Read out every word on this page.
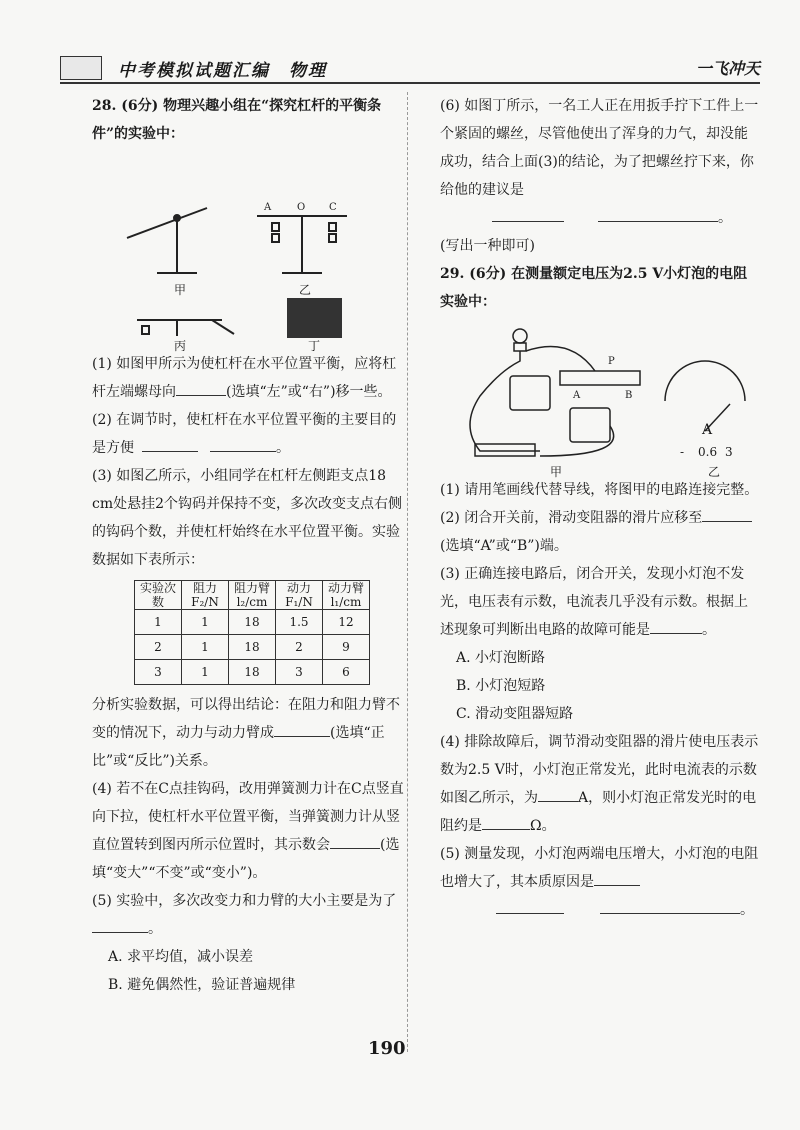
中考模拟试题汇编　物理	一飞冲天

28. (6分) 物理兴趣小组在“探究杠杆的平衡条件”的实验中：

A	O C
甲	乙
丙	丁

(1) 如图甲所示为使杠杆在水平位置平衡，应将杠杆左端螺母向	(选填“左”或“右”)移一些。

(2) 在调节时，使杠杆在水平位置平衡的主要目的是方便	。

(3) 如图乙所示，小组同学在杠杆左侧距支点18 cm处悬挂2个钩码并保持不变，多次改变支点右侧的钩码个数，并使杠杆始终在水平位置平衡。实验数据如下表所示：

实验次数	阻力 F₂/N	阻力臂 l₂/cm	动力 F₁/N	动力臂 l₁/cm
1	1	18	1.5	12
2	1	18	2	9
3	1	18	3	6

分析实验数据，可以得出结论：在阻力和阻力臂不变的情况下，动力与动力臂成	(选填“正比”或“反比”)关系。

(4) 若不在C点挂钩码，改用弹簧测力计在C点竖直向下拉，使杠杆水平位置平衡，当弹簧测力计从竖直位置转到图丙所示位置时，其示数会	(选填“变大”“不变”或“变小”)。

(5) 实验中，多次改变力和力臂的大小主要是为了。

A. 求平均值，减小误差

B. 避免偶然性，验证普遍规律

(6) 如图丁所示，一名工人正在用扳手拧下工件上一个紧固的螺丝，尽管他使出了浑身的力气，却没能成功，结合上面(3)的结论，为了把螺丝拧下来，你给他的建议是
。

(写出一种即可)

29. (6分) 在测量额定电压为2.5 V小灯泡的电阻实验中：

P
A	B
A
- 0.6 3
甲	乙

(1) 请用笔画线代替导线，将图甲的电路连接完整。

(2) 闭合开关前，滑动变阻器的滑片应移至(选填“A”或“B”)端。

(3) 正确连接电路后，闭合开关，发现小灯泡不发光，电压表有示数，电流表几乎没有示数。根据上述现象可判断出电路的故障可能是	。

A. 小灯泡断路

B. 小灯泡短路

C. 滑动变阻器短路

(4) 排除故障后，调节滑动变阻器的滑片使电压表示数为2.5 V时，小灯泡正常发光，此时电流表的示数如图乙所示，为	A，则小灯泡正常发光时的电阻约是	Ω。

(5) 测量发现，小灯泡两端电压增大，小灯泡的电阻也增大了，其本质原因是
。

190
